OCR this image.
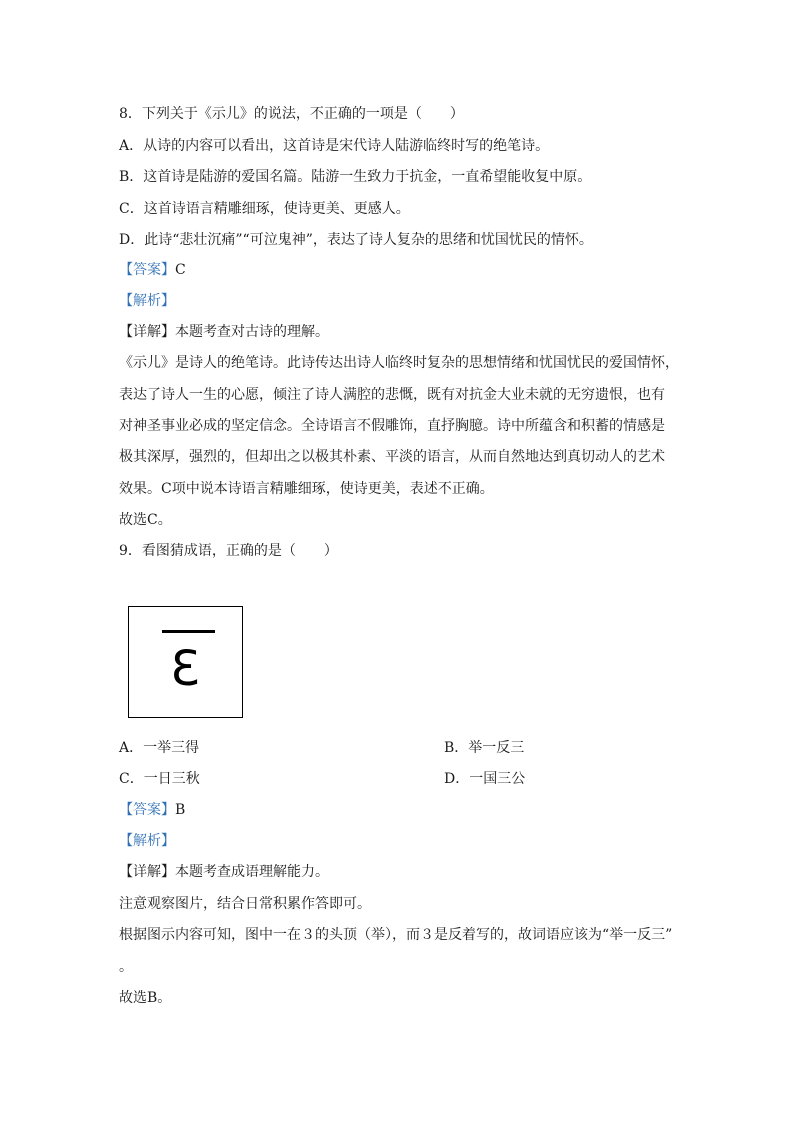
8．下列关于《示儿》的说法，不正确的一项是（　　）
A．从诗的内容可以看出，这首诗是宋代诗人陆游临终时写的绝笔诗。
B．这首诗是陆游的爱国名篇。陆游一生致力于抗金，一直希望能收复中原。
C．这首诗语言精雕细琢，使诗更美、更感人。
D．此诗“悲壮沉痛”“可泣鬼神”，表达了诗人复杂的思绪和忧国忧民的情怀。
【答案】C
【解析】
【详解】本题考查对古诗的理解。
《示儿》是诗人的绝笔诗。此诗传达出诗人临终时复杂的思想情绪和忧国忧民的爱国情怀，
表达了诗人一生的心愿，倾注了诗人满腔的悲慨，既有对抗金大业未就的无穷遗恨，也有
对神圣事业必成的坚定信念。全诗语言不假雕饰，直抒胸臆。诗中所蕴含和积蓄的情感是
极其深厚，强烈的，但却出之以极其朴素、平淡的语言，从而自然地达到真切动人的艺术
效果。C项中说本诗语言精雕细琢，使诗更美，表述不正确。
故选C。
9．看图猜成语，正确的是（　　）
3
A．一举三得	B．举一反三
C．一日三秋	D．一国三公
【答案】B
【解析】
【详解】本题考查成语理解能力。
注意观察图片，结合日常积累作答即可。
根据图示内容可知，图中一在３的头顶（举），而３是反着写的，故词语应该为“举一反三”
。
故选B。
